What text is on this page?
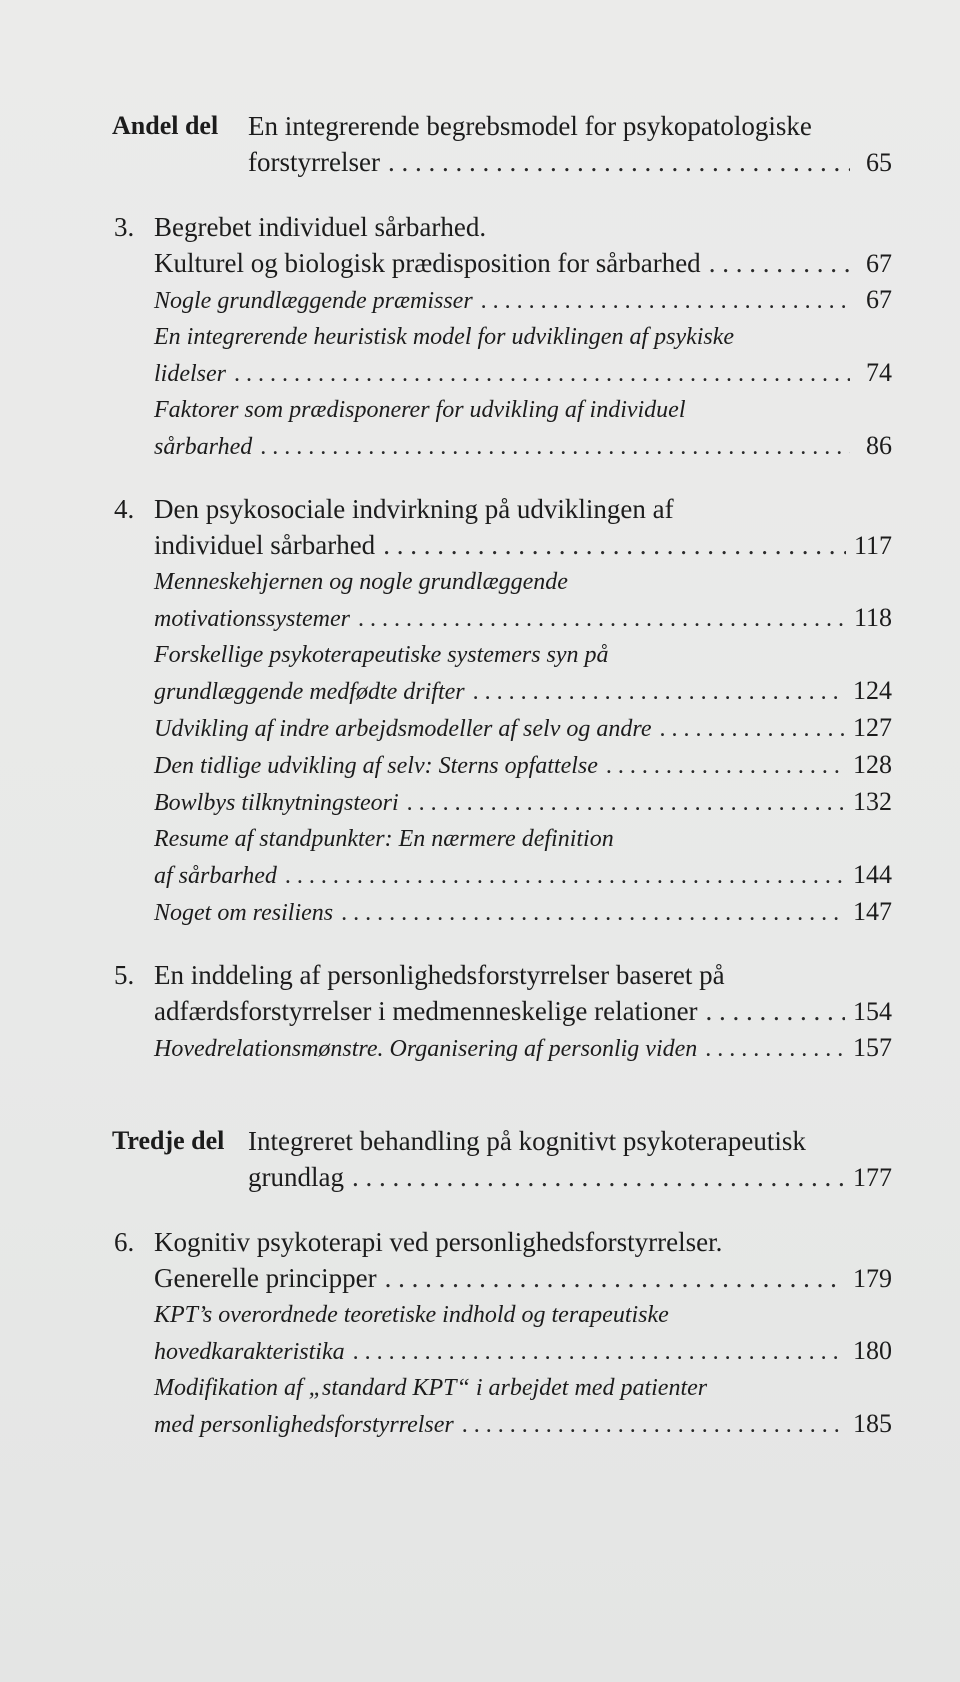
Andel del En integrerende begrebsmodel for psykopatologiske
forstyrrelser . . .	65
3. Begrebet individuel sårbarhed.
Kulturel og biologisk prædisposition for sårbarhed . . .	67
Nogle grundlæggende præmisser . . .	67
En integrerende heuristisk model for udviklingen af psykiske
lidelser . . .	74
Faktorer som prædisponerer for udvikling af individuel
sårbarhed . . .	86
4. Den psykosociale indvirkning på udviklingen af
individuel sårbarhed . . .	117
Menneskehjernen og nogle grundlæggende
motivationssystemer . . .	118
Forskellige psykoterapeutiske systemers syn på
grundlæggende medfødte drifter . . .	124
Udvikling af indre arbejdsmodeller af selv og andre . . .	127
Den tidlige udvikling af selv: Sterns opfattelse . . .	128
Bowlbys tilknytningsteori . . .	132
Resume af standpunkter: En nærmere definition
af sårbarhed . . .	144
Noget om resiliens . . .	147
5. En inddeling af personlighedsforstyrrelser baseret på
adfærdsforstyrrelser i medmenneskelige relationer . . .	154
Hovedrelationsmønstre. Organisering af personlig viden . . .	157
Tredje del Integreret behandling på kognitivt psykoterapeutisk
grundlag . . .	177
6. Kognitiv psykoterapi ved personlighedsforstyrrelser.
Generelle principper . . .	179
KPT’s overordnede teoretiske indhold og terapeutiske
hovedkarakteristika . . .	180
Modifikation af „standard KPT“ i arbejdet med patienter
med personlighedsforstyrrelser . . .	185
